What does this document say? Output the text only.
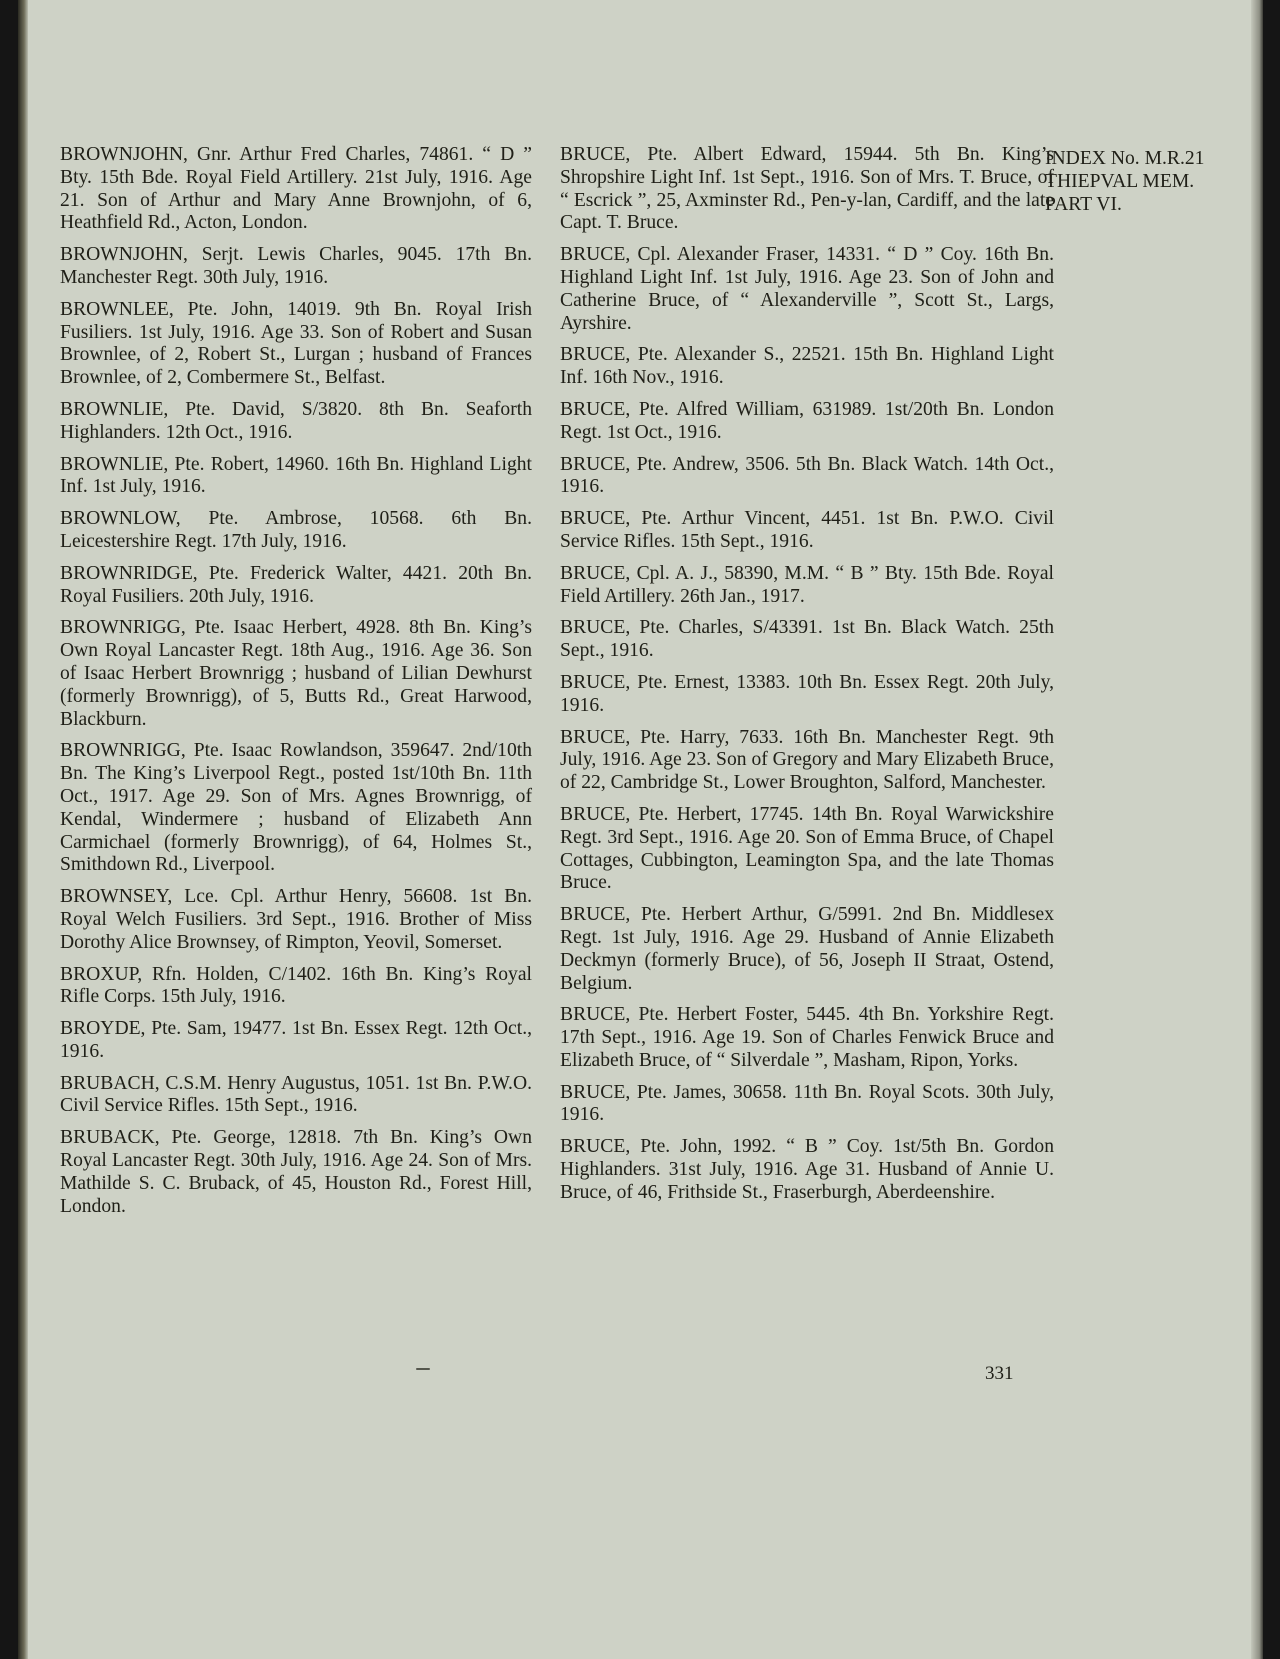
BROWNJOHN, Gnr. Arthur Fred Charles, 74861. “ D ” Bty. 15th Bde. Royal Field Artillery. 21st July, 1916. Age 21. Son of Arthur and Mary Anne Brownjohn, of 6, Heathfield Rd., Acton, London.

BROWNJOHN, Serjt. Lewis Charles, 9045. 17th Bn. Manchester Regt. 30th July, 1916.

BROWNLEE, Pte. John, 14019. 9th Bn. Royal Irish Fusiliers. 1st July, 1916. Age 33. Son of Robert and Susan Brownlee, of 2, Robert St., Lurgan ; husband of Frances Brownlee, of 2, Combermere St., Belfast.

BROWNLIE, Pte. David, S/3820. 8th Bn. Seaforth Highlanders. 12th Oct., 1916.

BROWNLIE, Pte. Robert, 14960. 16th Bn. Highland Light Inf. 1st July, 1916.

BROWNLOW, Pte. Ambrose, 10568. 6th Bn. Leicestershire Regt. 17th July, 1916.

BROWNRIDGE, Pte. Frederick Walter, 4421. 20th Bn. Royal Fusiliers. 20th July, 1916.

BROWNRIGG, Pte. Isaac Herbert, 4928. 8th Bn. King’s Own Royal Lancaster Regt. 18th Aug., 1916. Age 36. Son of Isaac Herbert Brownrigg ; husband of Lilian Dewhurst (formerly Brownrigg), of 5, Butts Rd., Great Harwood, Blackburn.

BROWNRIGG, Pte. Isaac Rowlandson, 359647. 2nd/10th Bn. The King’s Liverpool Regt., posted 1st/10th Bn. 11th Oct., 1917. Age 29. Son of Mrs. Agnes Brownrigg, of Kendal, Windermere ; husband of Elizabeth Ann Carmichael (formerly Brownrigg), of 64, Holmes St., Smithdown Rd., Liverpool.

BROWNSEY, Lce. Cpl. Arthur Henry, 56608. 1st Bn. Royal Welch Fusiliers. 3rd Sept., 1916. Brother of Miss Dorothy Alice Brownsey, of Rimpton, Yeovil, Somerset.

BROXUP, Rfn. Holden, C/1402. 16th Bn. King’s Royal Rifle Corps. 15th July, 1916.

BROYDE, Pte. Sam, 19477. 1st Bn. Essex Regt. 12th Oct., 1916.

BRUBACH, C.S.M. Henry Augustus, 1051. 1st Bn. P.W.O. Civil Service Rifles. 15th Sept., 1916.

BRUBACK, Pte. George, 12818. 7th Bn. King’s Own Royal Lancaster Regt. 30th July, 1916. Age 24. Son of Mrs. Mathilde S. C. Bruback, of 45, Houston Rd., Forest Hill, London.

BRUCE, Pte. Albert Edward, 15944. 5th Bn. King’s Shropshire Light Inf. 1st Sept., 1916. Son of Mrs. T. Bruce, of “ Escrick ”, 25, Axminster Rd., Pen-y-lan, Cardiff, and the late Capt. T. Bruce.

BRUCE, Cpl. Alexander Fraser, 14331. “ D ” Coy. 16th Bn. Highland Light Inf. 1st July, 1916. Age 23. Son of John and Catherine Bruce, of “ Alexanderville ”, Scott St., Largs, Ayrshire.

BRUCE, Pte. Alexander S., 22521. 15th Bn. Highland Light Inf. 16th Nov., 1916.

BRUCE, Pte. Alfred William, 631989. 1st/20th Bn. London Regt. 1st Oct., 1916.

BRUCE, Pte. Andrew, 3506. 5th Bn. Black Watch. 14th Oct., 1916.

BRUCE, Pte. Arthur Vincent, 4451. 1st Bn. P.W.O. Civil Service Rifles. 15th Sept., 1916.

BRUCE, Cpl. A. J., 58390, M.M. “ B ” Bty. 15th Bde. Royal Field Artillery. 26th Jan., 1917.

BRUCE, Pte. Charles, S/43391. 1st Bn. Black Watch. 25th Sept., 1916.

BRUCE, Pte. Ernest, 13383. 10th Bn. Essex Regt. 20th July, 1916.

BRUCE, Pte. Harry, 7633. 16th Bn. Manchester Regt. 9th July, 1916. Age 23. Son of Gregory and Mary Elizabeth Bruce, of 22, Cambridge St., Lower Broughton, Salford, Manchester.

BRUCE, Pte. Herbert, 17745. 14th Bn. Royal Warwickshire Regt. 3rd Sept., 1916. Age 20. Son of Emma Bruce, of Chapel Cottages, Cubbington, Leamington Spa, and the late Thomas Bruce.

BRUCE, Pte. Herbert Arthur, G/5991. 2nd Bn. Middlesex Regt. 1st July, 1916. Age 29. Husband of Annie Elizabeth Deckmyn (formerly Bruce), of 56, Joseph II Straat, Ostend, Belgium.

BRUCE, Pte. Herbert Foster, 5445. 4th Bn. Yorkshire Regt. 17th Sept., 1916. Age 19. Son of Charles Fenwick Bruce and Elizabeth Bruce, of “ Silverdale ”, Masham, Ripon, Yorks.

BRUCE, Pte. James, 30658. 11th Bn. Royal Scots. 30th July, 1916.

BRUCE, Pte. John, 1992. “ B ” Coy. 1st/5th Bn. Gordon Highlanders. 31st July, 1916. Age 31. Husband of Annie U. Bruce, of 46, Frithside St., Fraserburgh, Aberdeenshire.

INDEX No. M.R.21
THIEPVAL MEM.
PART VI.
331
